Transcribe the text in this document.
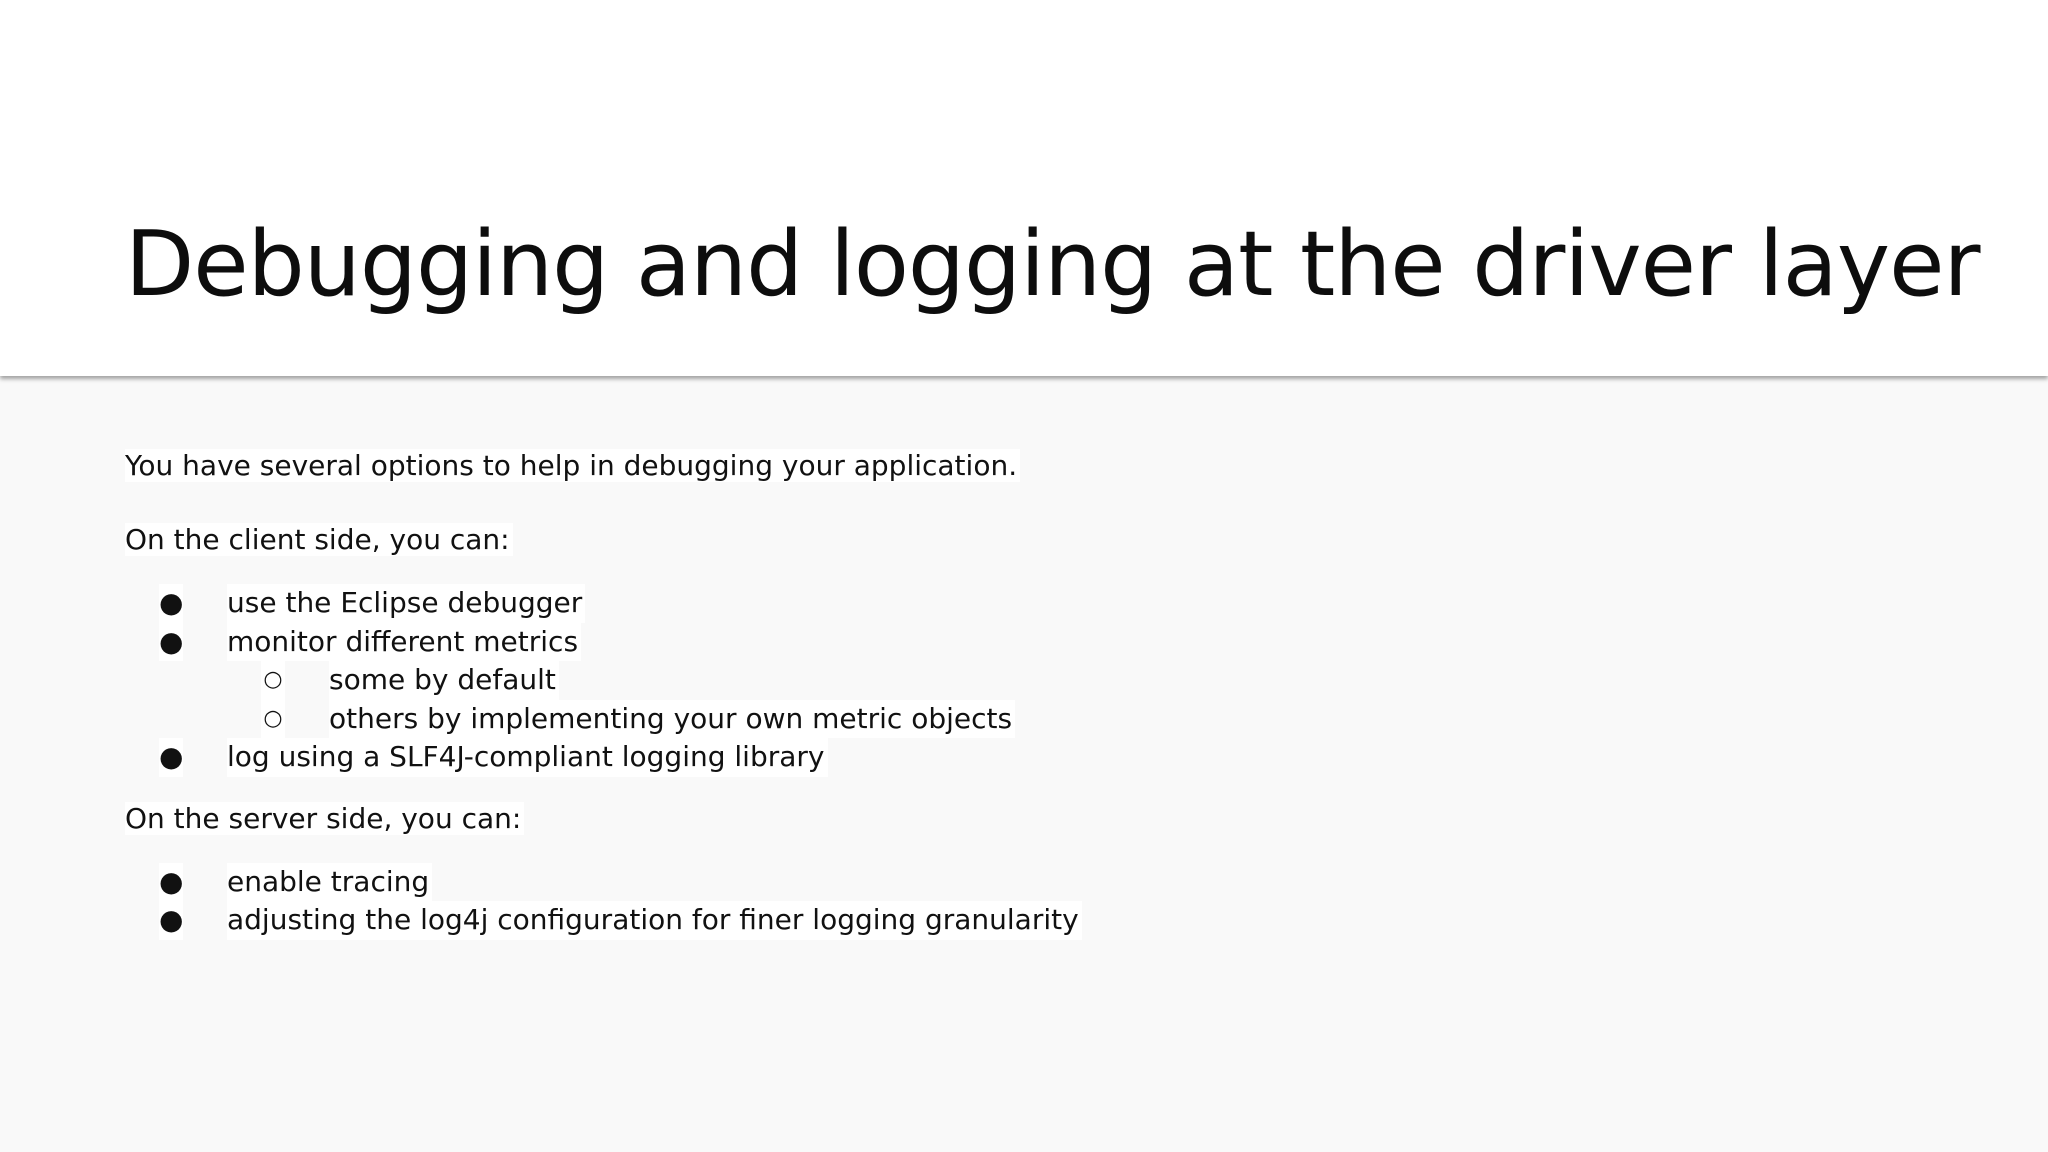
Debugging and logging at the driver layer

You have several options to help in debugging your application.

On the client side, you can:

● use the Eclipse debugger
● monitor different metrics
○ some by default
○ others by implementing your own metric objects
● log using a SLF4J-compliant logging library

On the server side, you can:

● enable tracing
● adjusting the log4j configuration for finer logging granularity
